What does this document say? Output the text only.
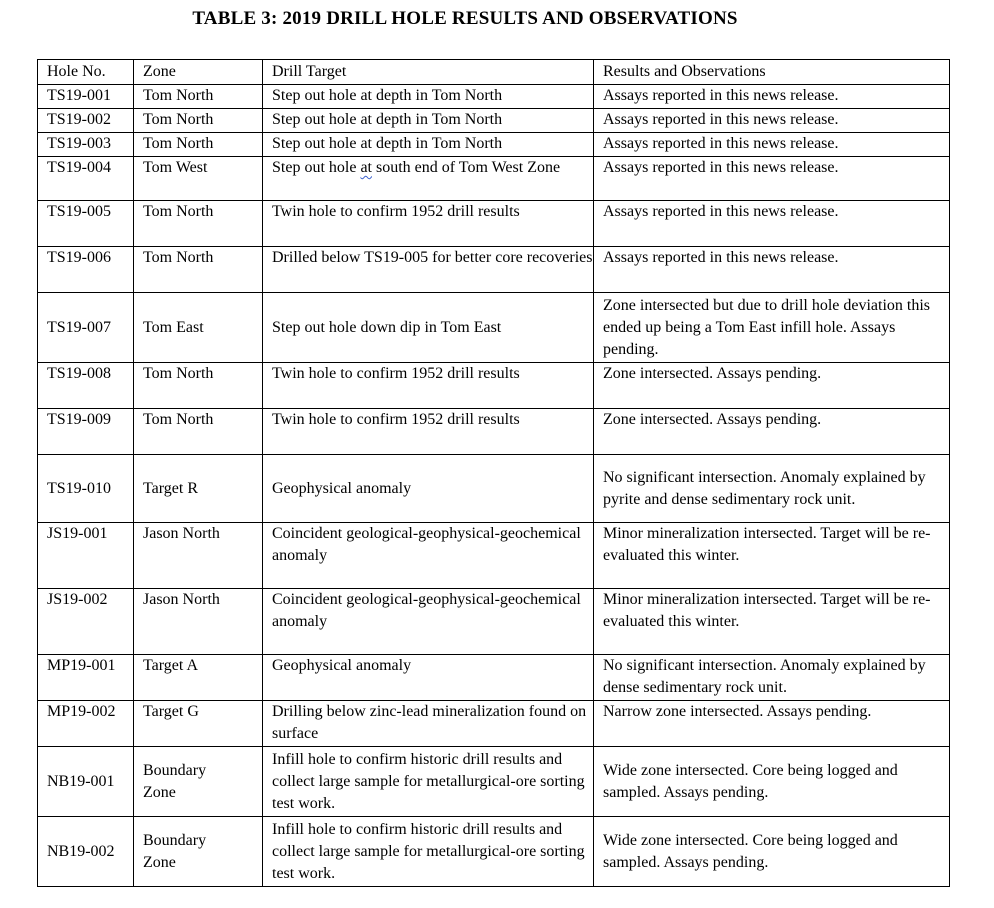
TABLE 3: 2019 DRILL HOLE RESULTS AND OBSERVATIONS
Hole No.	Zone	Drill Target	Results and Observations
TS19-001	Tom North	Step out hole at depth in Tom North	Assays reported in this news release.
TS19-002	Tom North	Step out hole at depth in Tom North	Assays reported in this news release.
TS19-003	Tom North	Step out hole at depth in Tom North	Assays reported in this news release.
TS19-004	Tom West	Step out hole at south end of Tom West Zone	Assays reported in this news release.
TS19-005	Tom North	Twin hole to confirm 1952 drill results	Assays reported in this news release.
TS19-006	Tom North	Drilled below TS19-005 for better core recoveries	Assays reported in this news release.
TS19-007	Tom East	Step out hole down dip in Tom East	Zone intersected but due to drill hole deviation this ended up being a Tom East infill hole. Assays pending.
TS19-008	Tom North	Twin hole to confirm 1952 drill results	Zone intersected. Assays pending.
TS19-009	Tom North	Twin hole to confirm 1952 drill results	Zone intersected. Assays pending.
TS19-010	Target R	Geophysical anomaly	No significant intersection. Anomaly explained by pyrite and dense sedimentary rock unit.
JS19-001	Jason North	Coincident geological-geophysical-geochemical anomaly	Minor mineralization intersected. Target will be re-evaluated this winter.
JS19-002	Jason North	Coincident geological-geophysical-geochemical anomaly	Minor mineralization intersected. Target will be re-evaluated this winter.
MP19-001	Target A	Geophysical anomaly	No significant intersection. Anomaly explained by dense sedimentary rock unit.
MP19-002	Target G	Drilling below zinc-lead mineralization found on surface	Narrow zone intersected. Assays pending.
NB19-001	Boundary Zone	Infill hole to confirm historic drill results and collect large sample for metallurgical-ore sorting test work.	Wide zone intersected. Core being logged and sampled. Assays pending.
NB19-002	Boundary Zone	Infill hole to confirm historic drill results and collect large sample for metallurgical-ore sorting test work.	Wide zone intersected. Core being logged and sampled. Assays pending.
